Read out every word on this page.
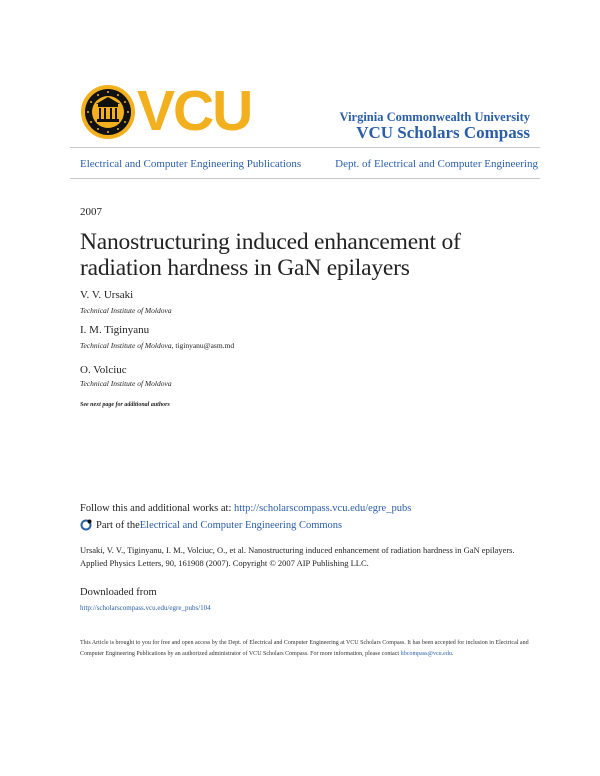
VCU	Virginia Commonwealth University
VCU Scholars Compass
Electrical and Computer Engineering Publications	Dept. of Electrical and Computer Engineering
2007
Nanostructuring induced enhancement of radiation hardness in GaN epilayers
V. V. Ursaki
Technical Institute of Moldova
I. M. Tiginyanu
Technical Institute of Moldova, tiginyanu@asm.md
O. Volciuc
Technical Institute of Moldova
See next page for additional authors
Follow this and additional works at: http://scholarscompass.vcu.edu/egre_pubs
Part of the Electrical and Computer Engineering Commons
Ursaki, V. V., Tiginyanu, I. M., Volciuc, O., et al. Nanostructuring induced enhancement of radiation hardness in GaN epilayers. Applied Physics Letters, 90, 161908 (2007). Copyright © 2007 AIP Publishing LLC.
Downloaded from
http://scholarscompass.vcu.edu/egre_pubs/104
This Article is brought to you for free and open access by the Dept. of Electrical and Computer Engineering at VCU Scholars Compass. It has been accepted for inclusion in Electrical and Computer Engineering Publications by an authorized administrator of VCU Scholars Compass. For more information, please contact libcompass@vcu.edu.
